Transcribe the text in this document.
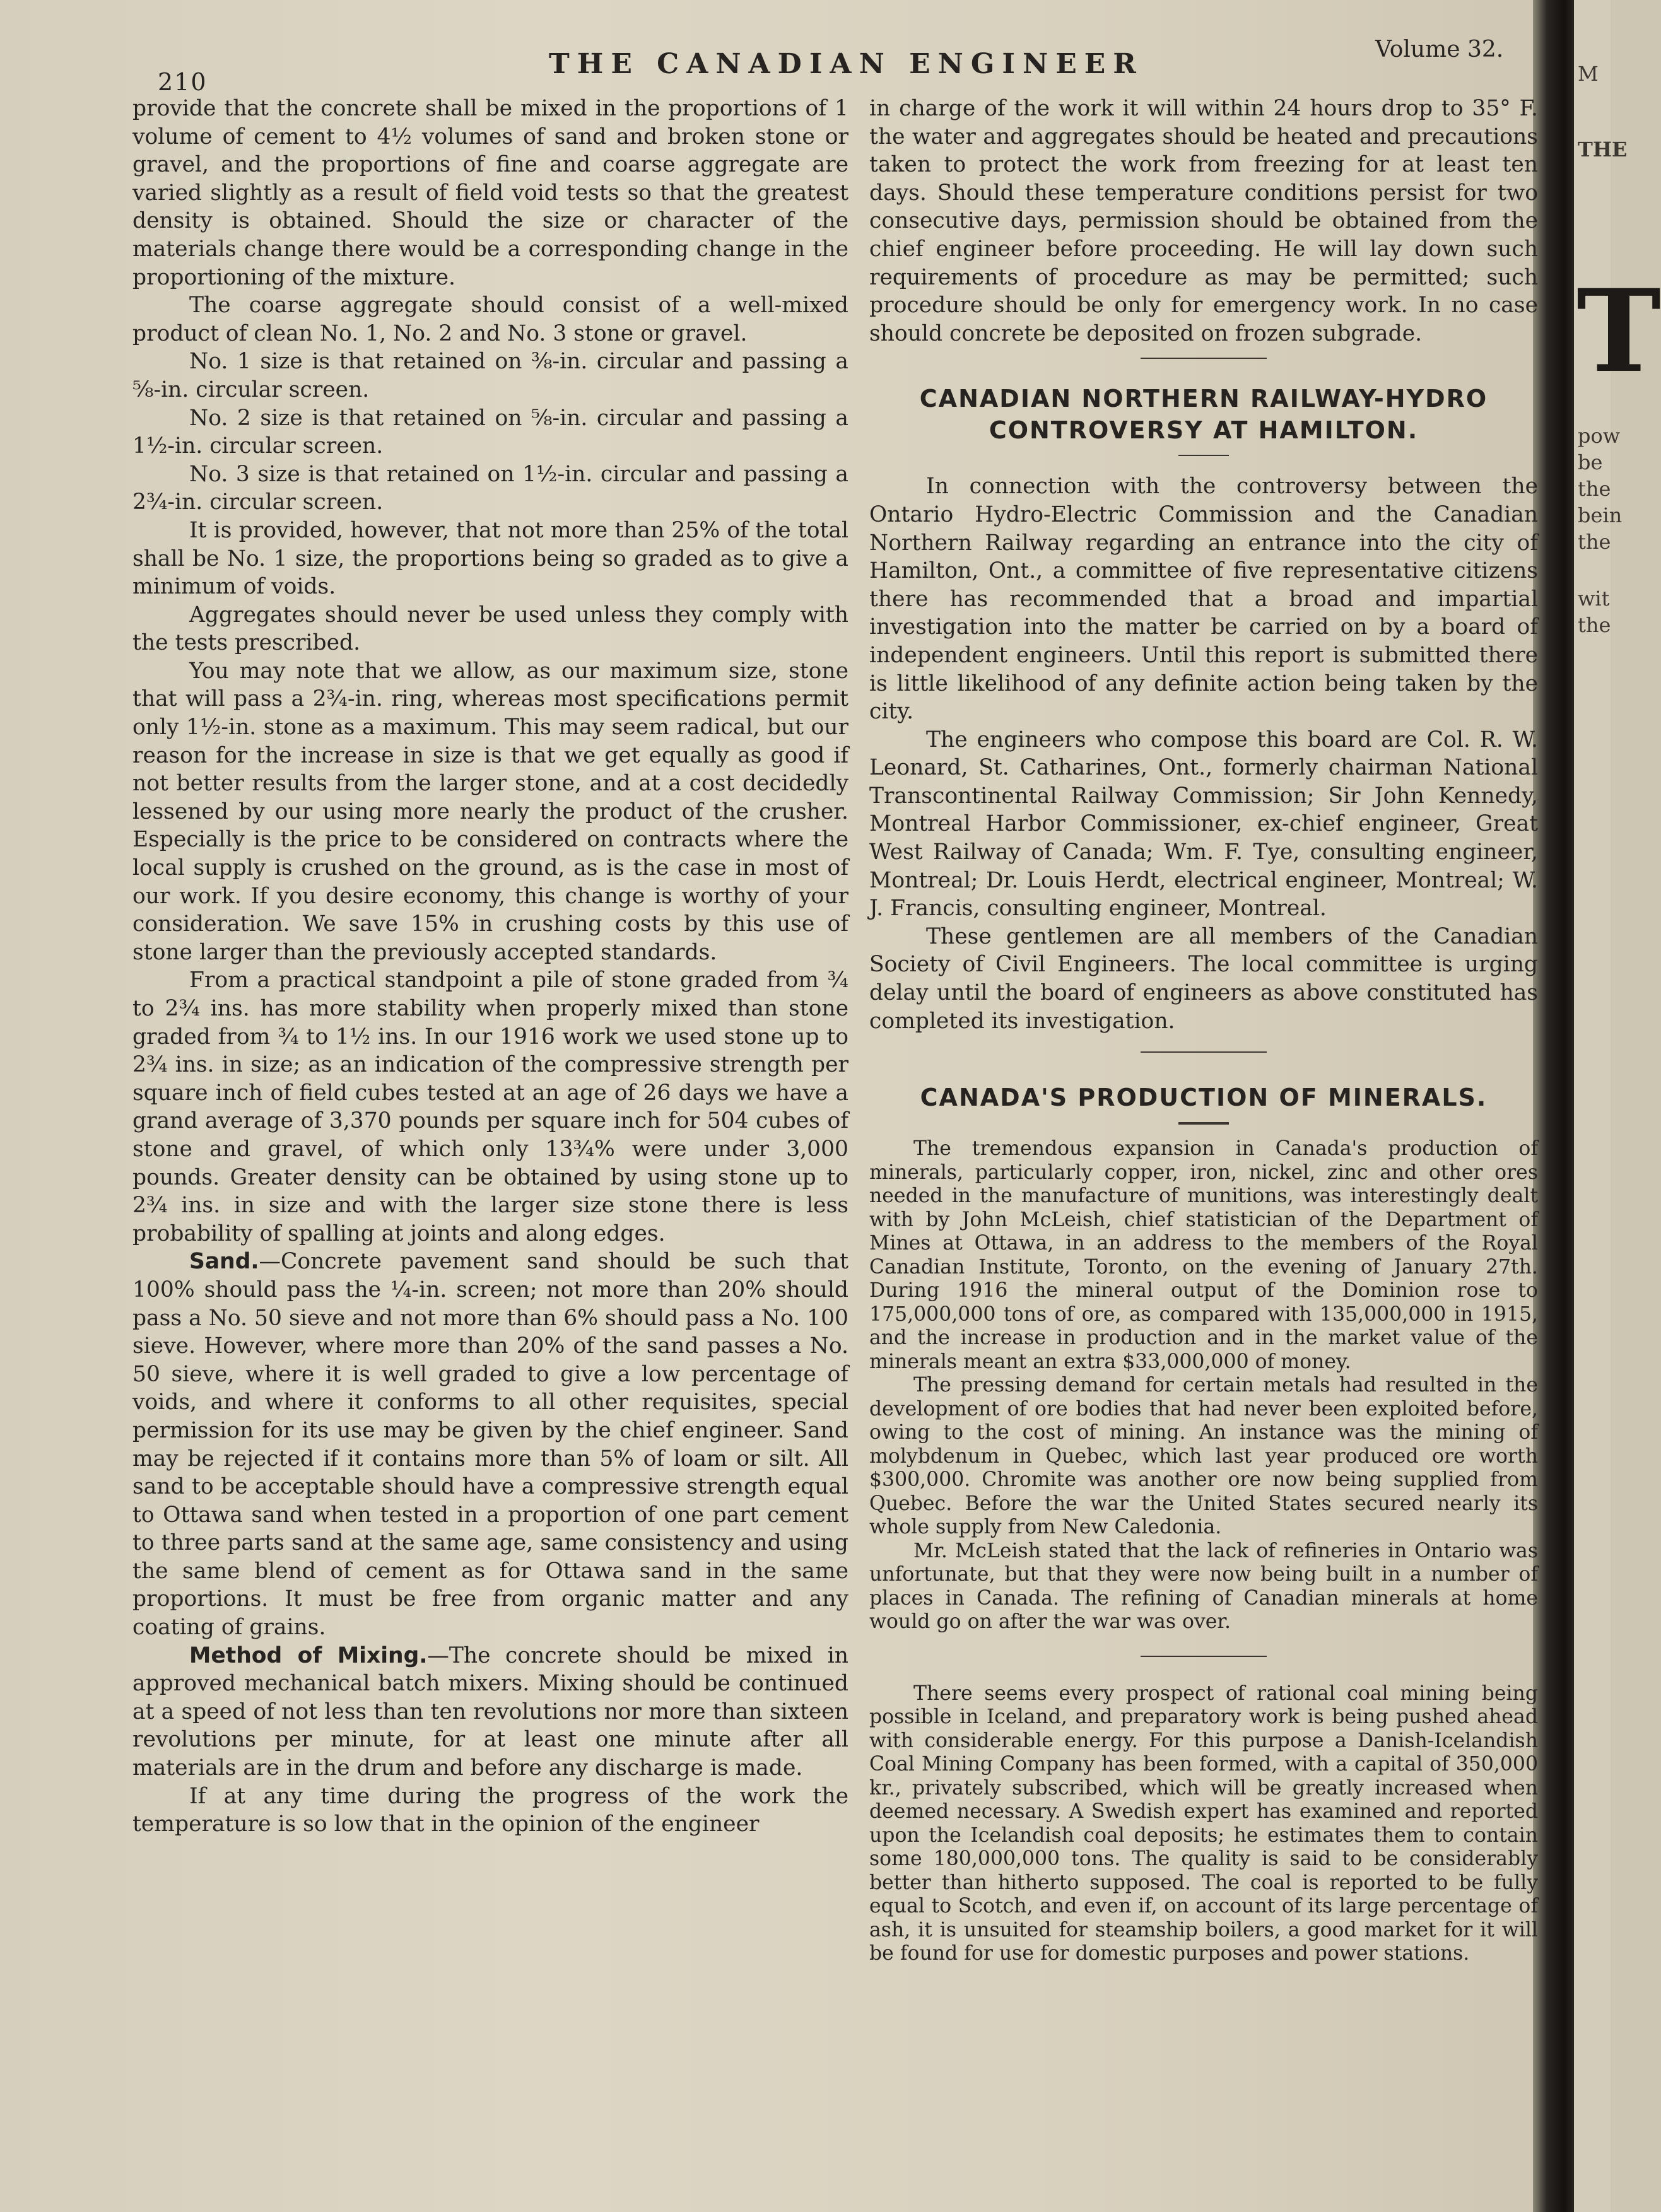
M
THE
T
pow
be
the
bein
the
wit
the
210
THE CANADIAN ENGINEER	Volume 32.

provide that the concrete shall be mixed in the proportions of 1 volume of cement to 4½ volumes of sand and broken stone or gravel, and the proportions of fine and coarse aggregate are varied slightly as a result of field void tests so that the greatest density is obtained. Should the size or character of the materials change there would be a corresponding change in the proportioning of the mixture.

The coarse aggregate should consist of a well-mixed product of clean No. 1, No. 2 and No. 3 stone or gravel.

No. 1 size is that retained on ⅜-in. circular and passing a ⅝-in. circular screen.

No. 2 size is that retained on ⅝-in. circular and passing a 1½-in. circular screen.

No. 3 size is that retained on 1½-in. circular and passing a 2¾-in. circular screen.

It is provided, however, that not more than 25% of the total shall be No. 1 size, the proportions being so graded as to give a minimum of voids.

Aggregates should never be used unless they comply with the tests prescribed.

You may note that we allow, as our maximum size, stone that will pass a 2¾-in. ring, whereas most specifications permit only 1½-in. stone as a maximum. This may seem radical, but our reason for the increase in size is that we get equally as good if not better results from the larger stone, and at a cost decidedly lessened by our using more nearly the product of the crusher. Especially is the price to be considered on contracts where the local supply is crushed on the ground, as is the case in most of our work. If you desire economy, this change is worthy of your consideration. We save 15% in crushing costs by this use of stone larger than the previously accepted standards.

From a practical standpoint a pile of stone graded from ¾ to 2¾ ins. has more stability when properly mixed than stone graded from ¾ to 1½ ins. In our 1916 work we used stone up to 2¾ ins. in size; as an indication of the compressive strength per square inch of field cubes tested at an age of 26 days we have a grand average of 3,370 pounds per square inch for 504 cubes of stone and gravel, of which only 13¾% were under 3,000 pounds. Greater density can be obtained by using stone up to 2¾ ins. in size and with the larger size stone there is less probability of spalling at joints and along edges.

Sand.—Concrete pavement sand should be such that 100% should pass the ¼-in. screen; not more than 20% should pass a No. 50 sieve and not more than 6% should pass a No. 100 sieve. However, where more than 20% of the sand passes a No. 50 sieve, where it is well graded to give a low percentage of voids, and where it conforms to all other requisites, special permission for its use may be given by the chief engineer. Sand may be rejected if it contains more than 5% of loam or silt. All sand to be acceptable should have a compressive strength equal to Ottawa sand when tested in a proportion of one part cement to three parts sand at the same age, same consistency and using the same blend of cement as for Ottawa sand in the same proportions. It must be free from organic matter and any coating of grains.

Method of Mixing.—The concrete should be mixed in approved mechanical batch mixers. Mixing should be continued at a speed of not less than ten revolutions nor more than sixteen revolutions per minute, for at least one minute after all materials are in the drum and before any discharge is made.

If at any time during the progress of the work the temperature is so low that in the opinion of the engineer

in charge of the work it will within 24 hours drop to 35° F. the water and aggregates should be heated and precautions taken to protect the work from freezing for at least ten days. Should these temperature conditions persist for two consecutive days, permission should be obtained from the chief engineer before proceeding. He will lay down such requirements of procedure as may be permitted; such procedure should be only for emergency work. In no case should concrete be deposited on frozen subgrade.

CANADIAN NORTHERN RAILWAY-HYDRO

CONTROVERSY AT HAMILTON.

In connection with the controversy between the Ontario Hydro-Electric Commission and the Canadian Northern Railway regarding an entrance into the city of Hamilton, Ont., a committee of five representative citizens there has recommended that a broad and impartial investigation into the matter be carried on by a board of independent engineers. Until this report is submitted there is little likelihood of any definite action being taken by the city.

The engineers who compose this board are Col. R. W. Leonard, St. Catharines, Ont., formerly chairman National Transcontinental Railway Commission; Sir John Kennedy, Montreal Harbor Commissioner, ex-chief engineer, Great West Railway of Canada; Wm. F. Tye, consulting engineer, Montreal; Dr. Louis Herdt, electrical engineer, Montreal; W. J. Francis, consulting engineer, Montreal.

These gentlemen are all members of the Canadian Society of Civil Engineers. The local committee is urging delay until the board of engineers as above constituted has completed its investigation.

CANADA'S PRODUCTION OF MINERALS.

The tremendous expansion in Canada's production of minerals, particularly copper, iron, nickel, zinc and other ores needed in the manufacture of munitions, was interestingly dealt with by John McLeish, chief statistician of the Department of Mines at Ottawa, in an address to the members of the Royal Canadian Institute, Toronto, on the evening of January 27th. During 1916 the mineral output of the Dominion rose to 175,000,000 tons of ore, as compared with 135,000,000 in 1915, and the increase in production and in the market value of the minerals meant an extra $33,000,000 of money.

The pressing demand for certain metals had resulted in the development of ore bodies that had never been exploited before, owing to the cost of mining. An instance was the mining of molybdenum in Quebec, which last year produced ore worth $300,000. Chromite was another ore now being supplied from Quebec. Before the war the United States secured nearly its whole supply from New Caledonia.

Mr. McLeish stated that the lack of refineries in Ontario was unfortunate, but that they were now being built in a number of places in Canada. The refining of Canadian minerals at home would go on after the war was over.

There seems every prospect of rational coal mining being possible in Iceland, and preparatory work is being pushed ahead with considerable energy. For this purpose a Danish-Icelandish Coal Mining Company has been formed, with a capital of 350,000 kr., privately subscribed, which will be greatly increased when deemed necessary. A Swedish expert has examined and reported upon the Icelandish coal deposits; he estimates them to contain some 180,000,000 tons. The quality is said to be considerably better than hitherto supposed. The coal is reported to be fully equal to Scotch, and even if, on account of its large percentage of ash, it is unsuited for steamship boilers, a good market for it will be found for use for domestic purposes and power stations.
